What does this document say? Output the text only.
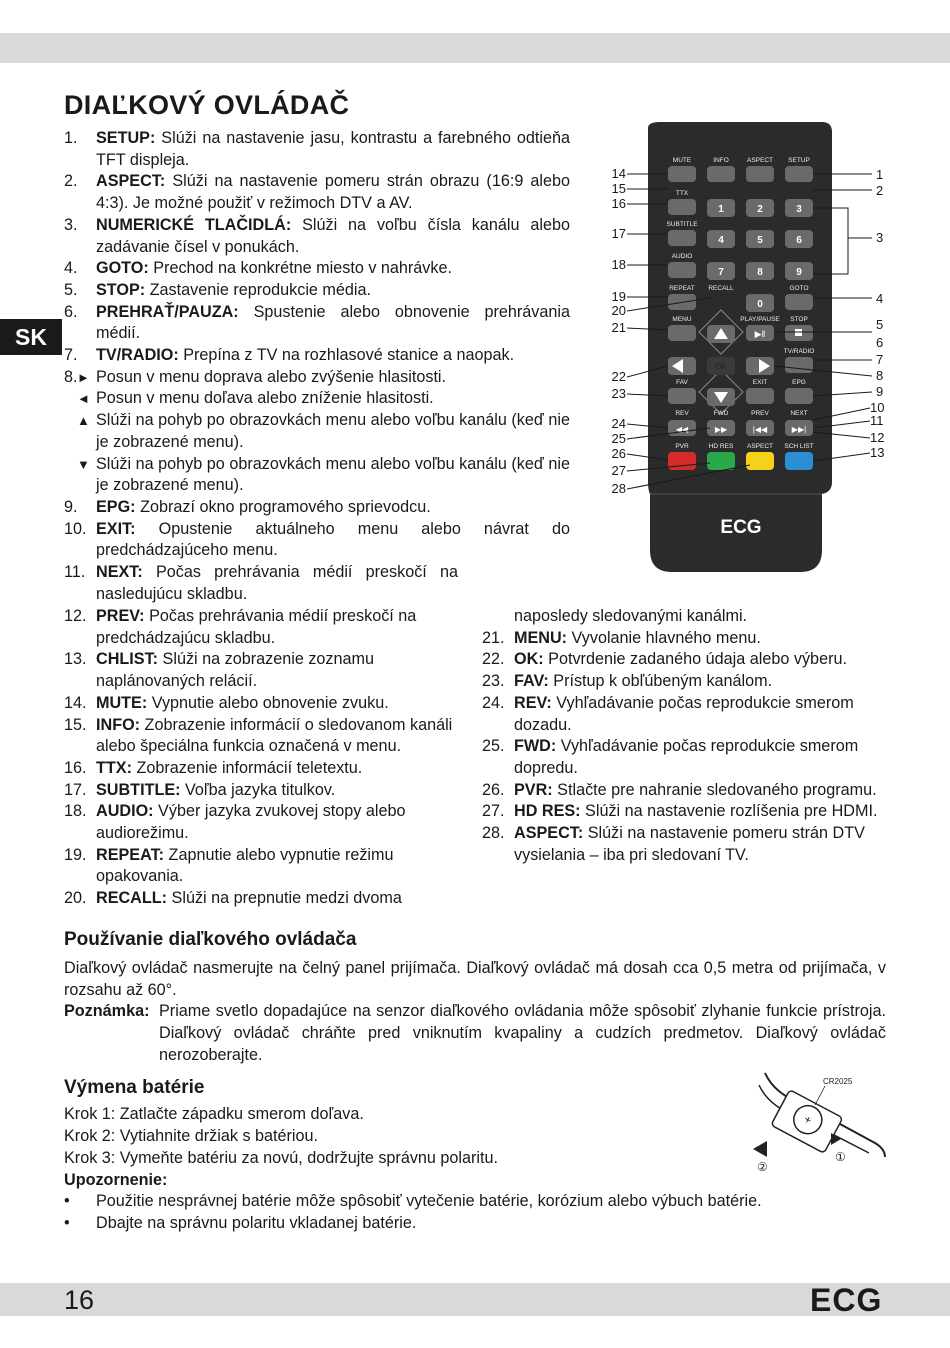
SK
DIAĽKOVÝ OVLÁDAČ
1. SETUP: Slúži na nastavenie jasu, kontrastu a farebného odtieňa TFT displeja.
2. ASPECT: Slúži na nastavenie pomeru strán obrazu (16:9 alebo 4:3). Je možné použiť v režimoch DTV a AV.
3. NUMERICKÉ TLAČIDLÁ: Slúži na voľbu čísla kanálu alebo zadávanie čísel v ponukách.
4. GOTO: Prechod na konkrétne miesto v nahrávke.
5. STOP: Zastavenie reprodukcie média.
6. PREHRAŤ/PAUZA: Spustenie alebo obnovenie prehrávania médií.
7. TV/RADIO: Prepína z TV na rozhlasové stanice a naopak.
8. ► Posun v menu doprava alebo zvýšenie hlasitosti.
◄ Posun v menu doľava alebo zníženie hlasitosti.
▲ Slúži na pohyb po obrazovkách menu alebo voľbu kanálu (keď nie je zobrazené menu).
▼ Slúži na pohyb po obrazovkách menu alebo voľbu kanálu (keď nie je zobrazené menu).
9. EPG: Zobrazí okno programového sprievodcu.
10. EXIT: Opustenie aktuálneho menu alebo návrat do predchádzajúceho menu.
11. NEXT: Počas prehrávania médií preskočí na nasledujúcu skladbu.
12. PREV: Počas prehrávania médií preskočí na predchádzajúcu skladbu.
13. CHLIST: Slúži na zobrazenie zoznamu naplánovaných relácií.
14. MUTE: Vypnutie alebo obnovenie zvuku.
15. INFO: Zobrazenie informácií o sledovanom kanáli alebo špeciálna funkcia označená v menu.
16. TTX: Zobrazenie informácií teletextu.
17. SUBTITLE: Voľba jazyka titulkov.
18. AUDIO: Výber jazyka zvukovej stopy alebo audiorežimu.
19. REPEAT: Zapnutie alebo vypnutie režimu opakovania.
20. RECALL: Slúži na prepnutie medzi dvoma
naposledy sledovanými kanálmi.
21. MENU: Vyvolanie hlavného menu.
22. OK: Potvrdenie zadaného údaja alebo výberu.
23. FAV: Prístup k obľúbeným kanálom.
24. REV: Vyhľadávanie počas reprodukcie smerom dozadu.
25. FWD: Vyhľadávanie počas reprodukcie smerom dopredu.
26. PVR: Stlačte pre nahranie sledovaného programu.
27. HD RES: Slúži na nastavenie rozlíšenia pre HDMI.
28. ASPECT: Slúži na nastavenie pomeru strán DTV vysielania – iba pri sledovaní TV.
ECG
MUTE	INFO	ASPECT SETUP
TTX
SUBTITLE
AUDIO
REPEAT RECALL	GOTO
MENU	PLAY/PAUSE STOP
TV/RADIO
1	2	3
4	5	6
7	8	9
0
▶‖
OK
FAV	EXIT	EPG
REV	FWD	PREV	NEXT
PVR	HD RES ASPECT SCH LIST
◀◀	▶▶	|◀◀	▶▶|
14
15
16
17
18
19
20
21
22
23
24
25
26
27
28
1
2
3
4
5
6
7
8
9
10
11
12
13
Používanie diaľkového ovládača

Diaľkový ovládač nasmerujte na čelný panel prijímača. Diaľkový ovládač má dosah cca 0,5 metra od prijímača, v rozsahu až 60°.

Poznámka: Priame svetlo dopadajúce na senzor diaľkového ovládania môže spôsobiť zlyhanie funkcie prístroja. Diaľkový ovládač chráňte pred vniknutím kvapaliny a cudzích predmetov. Diaľkový ovládač nerozoberajte.
Výmena batérie
Krok 1: Zatlačte západku smerom doľava.
Krok 2: Vytiahnite držiak s batériou.
Krok 3: Vymeňte batériu za novú, dodržujte správnu polaritu.
Upozornenie:
• Použitie nesprávnej batérie môže spôsobiť vytečenie batérie, korózium alebo výbuch batérie.
• Dbajte na správnu polaritu vkladanej batérie.
+
CR2025
②
①
16	ECG
